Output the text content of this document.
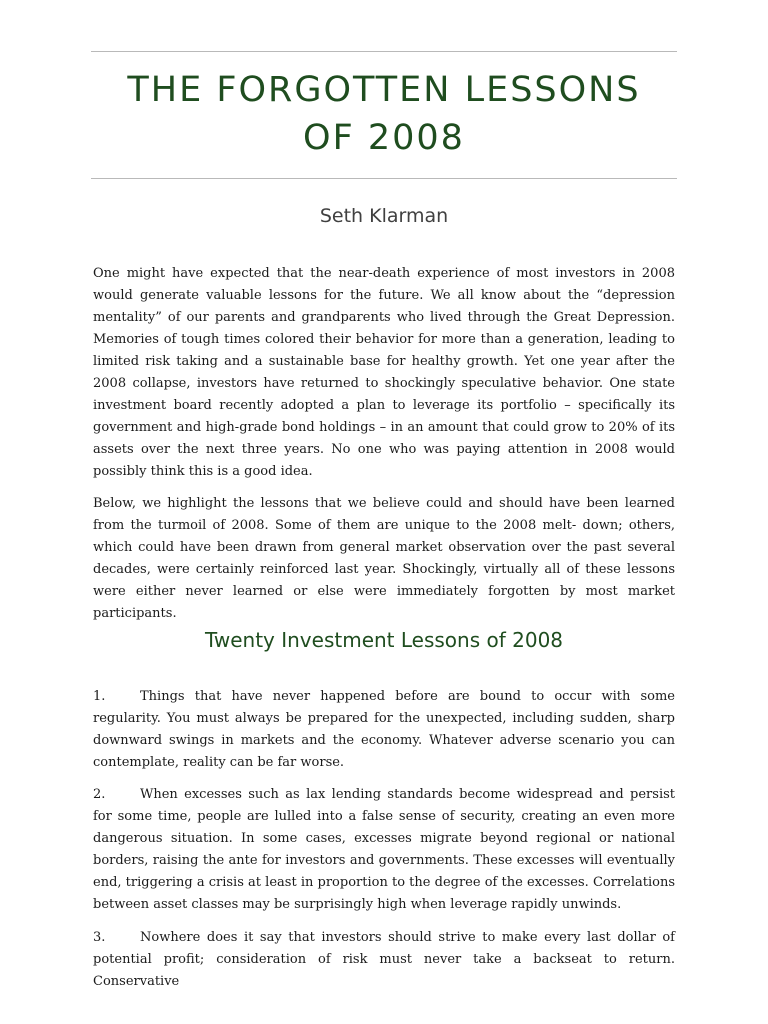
THE FORGOTTEN LESSONS
OF 2008
Seth Klarman

One might have expected that the near-death experience of most investors in 2008 would generate valuable lessons for the future. We all know about the “depression mentality” of our parents and grandparents who lived through the Great Depression. Memories of tough times colored their behavior for more than a generation, leading to limited risk taking and a sustainable base for healthy growth. Yet one year after the 2008 collapse, investors have returned to shockingly speculative behavior. One state investment board recently adopted a plan to leverage its portfolio – specifically its government and high-grade bond holdings – in an amount that could grow to 20% of its assets over the next three years. No one who was paying attention in 2008 would possibly think this is a good idea.

Below, we highlight the lessons that we believe could and should have been learned from the turmoil of 2008. Some of them are unique to the 2008 melt- down; others, which could have been drawn from general market observation over the past several decades, were certainly reinforced last year. Shockingly, virtually all of these lessons were either never learned or else were immediately forgotten by most market participants.

Twenty Investment Lessons of 2008

1.	Things that have never happened before are bound to occur with some regularity. You must always be prepared for the unexpected, including sudden, sharp downward swings in markets and the economy. Whatever adverse scenario you can contemplate, reality can be far worse.

2.	When excesses such as lax lending standards become widespread and persist for some time, people are lulled into a false sense of security, creating an even more dangerous situation. In some cases, excesses migrate beyond regional or national borders, raising the ante for investors and governments. These excesses will eventually end, triggering a crisis at least in proportion to the degree of the excesses. Correlations between asset classes may be surprisingly high when leverage rapidly unwinds.

3.	Nowhere does it say that investors should strive to make every last dollar of potential profit; consideration of risk must never take a backseat to return. Conservative
